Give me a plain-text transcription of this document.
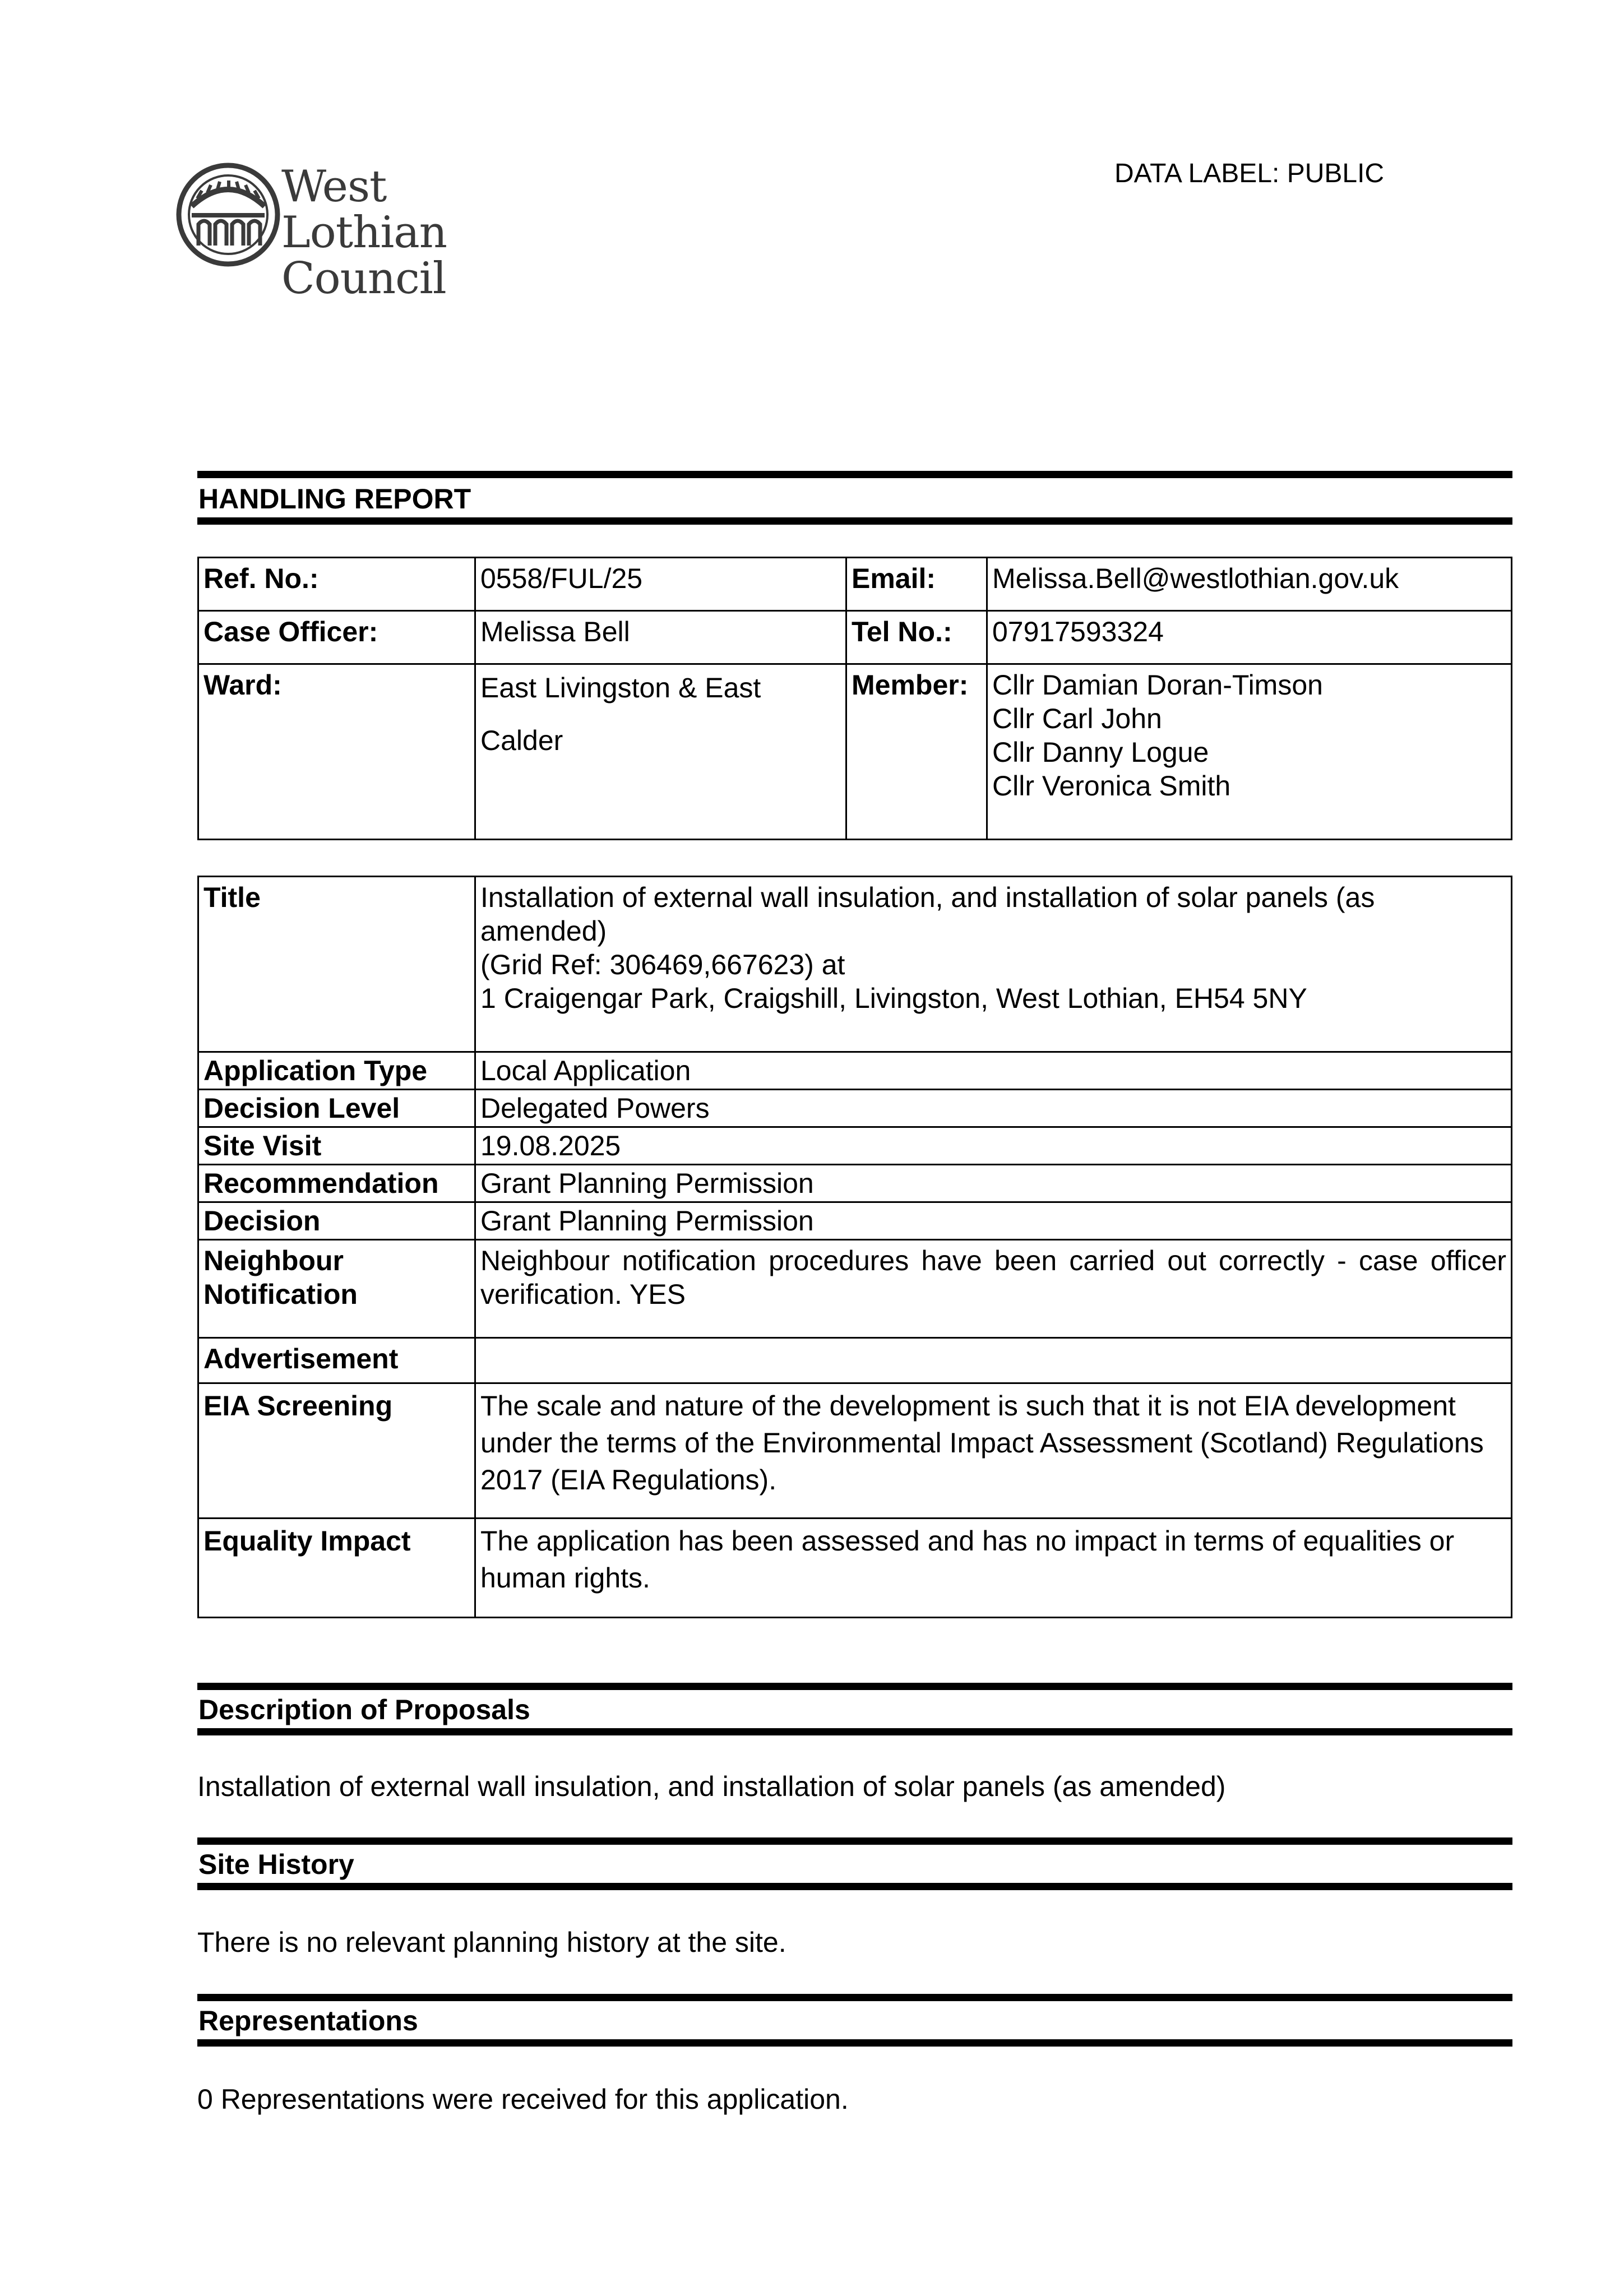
West Lothian
Council
DATA LABEL: PUBLIC
HANDLING REPORT
Ref. No.:	0558/FUL/25	Email:	Melissa.Bell@westlothian.gov.uk
Case Officer:	Melissa Bell	Tel No.:	07917593324
Ward:	East Livingston & East Calder	Member:	Cllr Damian Doran-Timson
Cllr Carl John
Cllr Danny Logue
Cllr Veronica Smith
Title	Installation of external wall insulation, and installation of solar panels (as amended)
(Grid Ref: 306469,667623) at
1 Craigengar Park, Craigshill, Livingston, West Lothian, EH54 5NY

Application Type	Local Application
Decision Level	Delegated Powers
Site Visit	19.08.2025
Recommendation	Grant Planning Permission
Decision	Grant Planning Permission
Neighbour Notification	Neighbour notification procedures have been carried out correctly - case officer verification. YES
Advertisement	
EIA Screening	The scale and nature of the development is such that it is not EIA development under the terms of the Environmental Impact Assessment (Scotland) Regulations 2017 (EIA Regulations).
Equality Impact	The application has been assessed and has no impact in terms of equalities or human rights.
Description of Proposals
Installation of external wall insulation, and installation of solar panels (as amended)
Site History
There is no relevant planning history at the site.
Representations
0 Representations were received for this application.
